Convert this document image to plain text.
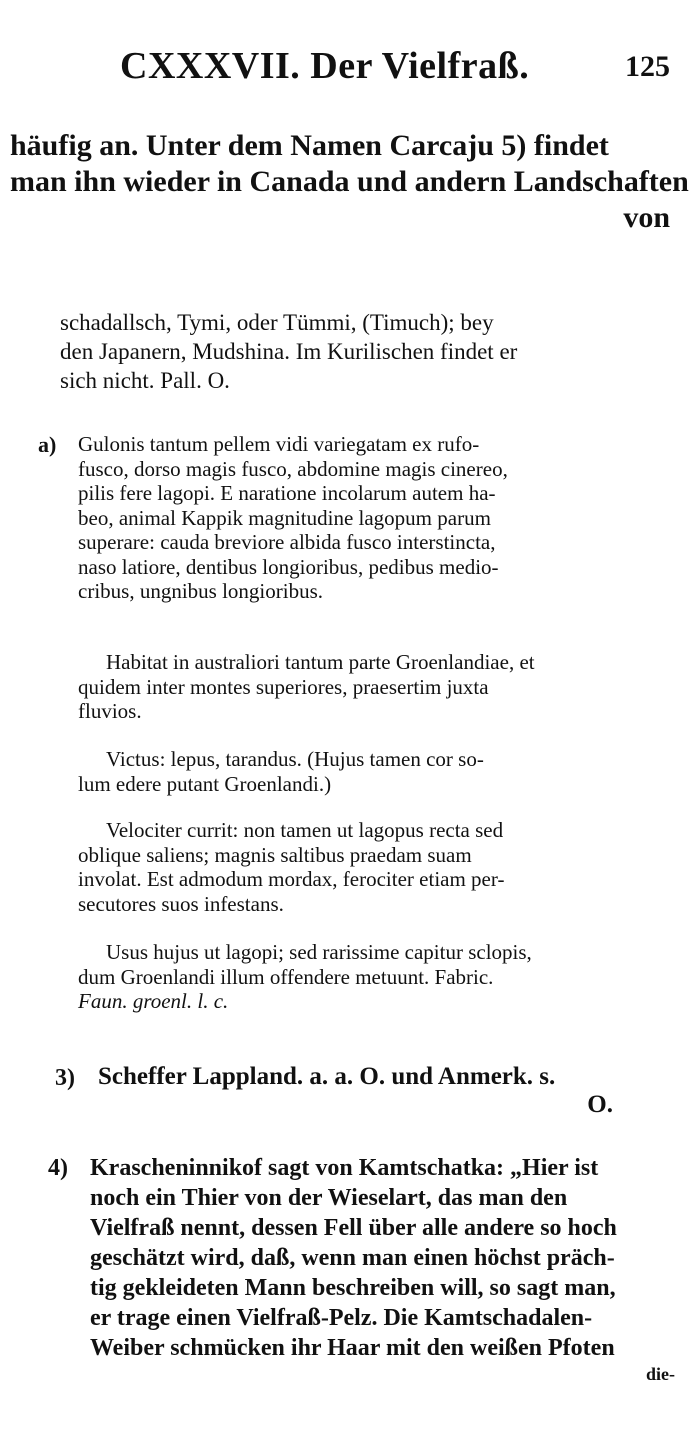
CXXXVII. Der Vielfraß.	125
häufig an. Unter dem Namen Carcaju 5) findet
man ihn wieder in Canada und andern Landschaften
von
schadallsch, Tymi, oder Tümmi, (Timuch); bey
den Japanern, Mudshina. Im Kurilischen findet er
sich nicht. Pall. O.
a) Gulonis tantum pellem vidi variegatam ex rufo-
fusco, dorso magis fusco, abdomine magis cinereo,
pilis fere lagopi. E naratione incolarum autem ha-
beo, animal Kappik magnitudine lagopum parum
superare: cauda breviore albida fusco interstincta,
naso latiore, dentibus longioribus, pedibus medio-
cribus, ungnibus longioribus.
Habitat in australiori tantum parte Groenlandiae, et
quidem inter montes superiores, praesertim juxta
fluvios.
Victus: lepus, tarandus. (Hujus tamen cor so-
lum edere putant Groenlandi.)
Velociter currit: non tamen ut lagopus recta sed
oblique saliens; magnis saltibus praedam suam
involat. Est admodum mordax, ferociter etiam per-
secutores suos infestans.
Usus hujus ut lagopi; sed rarissime capitur sclopis,
dum Groenlandi illum offendere metuunt. Fabric.
Faun. groenl. l. c.
3) Scheffer Lappland. a. a. O. und Anmerk. s.
O.
4) Krascheninnikof sagt von Kamtschatka: „Hier ist
noch ein Thier von der Wieselart, das man den
Vielfraß nennt, dessen Fell über alle andere so hoch
geschätzt wird, daß, wenn man einen höchst präch-
tig gekleideten Mann beschreiben will, so sagt man,
er trage einen Vielfraß-Pelz. Die Kamtschadalen-
Weiber schmücken ihr Haar mit den weißen Pfoten
die-
